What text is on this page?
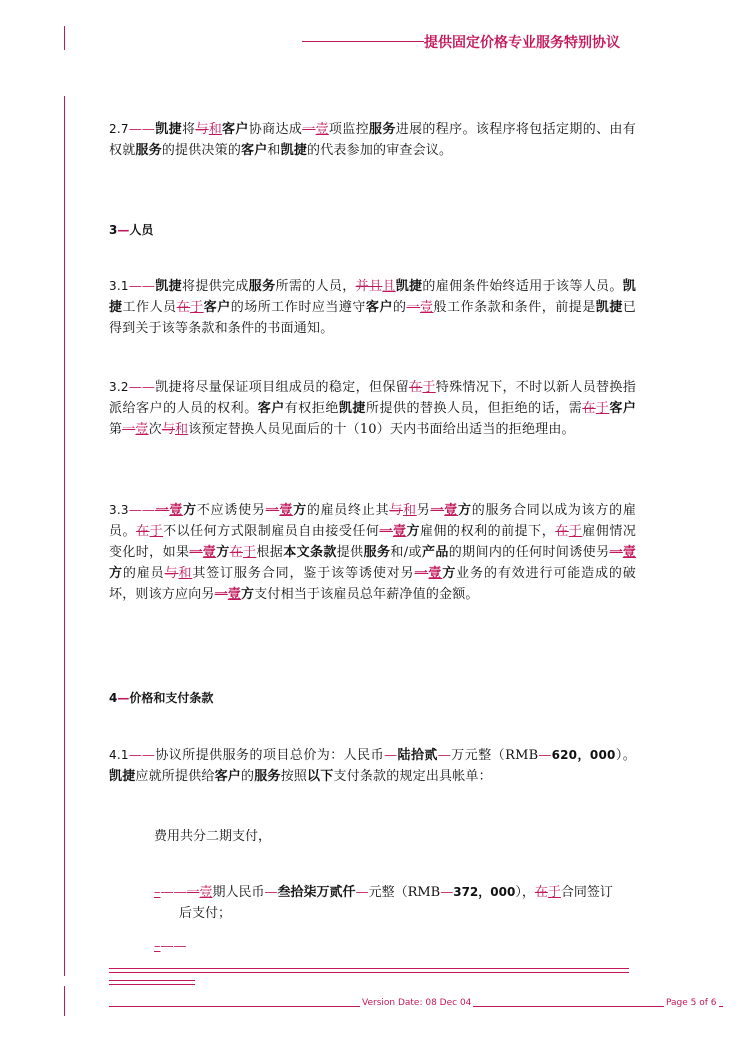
提供固定价格专业服务特别协议
2.7——凯捷将与和客户协商达成一壹项监控服务进展的程序。该程序将包括定期的、由有权就服务的提供决策的客户和凯捷的代表参加的审查会议。
3—人员
3.1——凯捷将提供完成服务所需的人员，并且且凯捷的雇佣条件始终适用于该等人员。凯捷工作人员在于客户的场所工作时应当遵守客户的一壹般工作条款和条件，前提是凯捷已得到关于该等条款和条件的书面通知。
3.2——凯捷将尽量保证项目组成员的稳定，但保留在于特殊情况下，不时以新人员替换指派给客户的人员的权利。客户有权拒绝凯捷所提供的替换人员，但拒绝的话，需在于客户第一壹次与和该预定替换人员见面后的十（10）天内书面给出适当的拒绝理由。
3.3——一壹方不应诱使另一壹方的雇员终止其与和另一壹方的服务合同以成为该方的雇员。在于不以任何方式限制雇员自由接受任何一壹方雇佣的权利的前提下，在于雇佣情况变化时，如果一壹方在于根据本文条款提供服务和/或产品的期间内的任何时间诱使另一壹方的雇员与和其签订服务合同，鉴于该等诱使对另一壹方业务的有效进行可能造成的破坏，则该方应向另一壹方支付相当于该雇员总年薪净值的金额。
4—价格和支付条款
4.1——协议所提供服务的项目总价为：人民币—陆拾贰—万元整（RMB—620，000）。凯捷应就所提供给客户的服务按照以下支付条款的规定出具帐单：
费用共分二期支付，
–——一壹期人民币—叁拾柒万贰仟—元整（RMB—372，000），在于合同签订
后支付；
–——
Version Date: 08 Dec 04	Page 5 of 6
